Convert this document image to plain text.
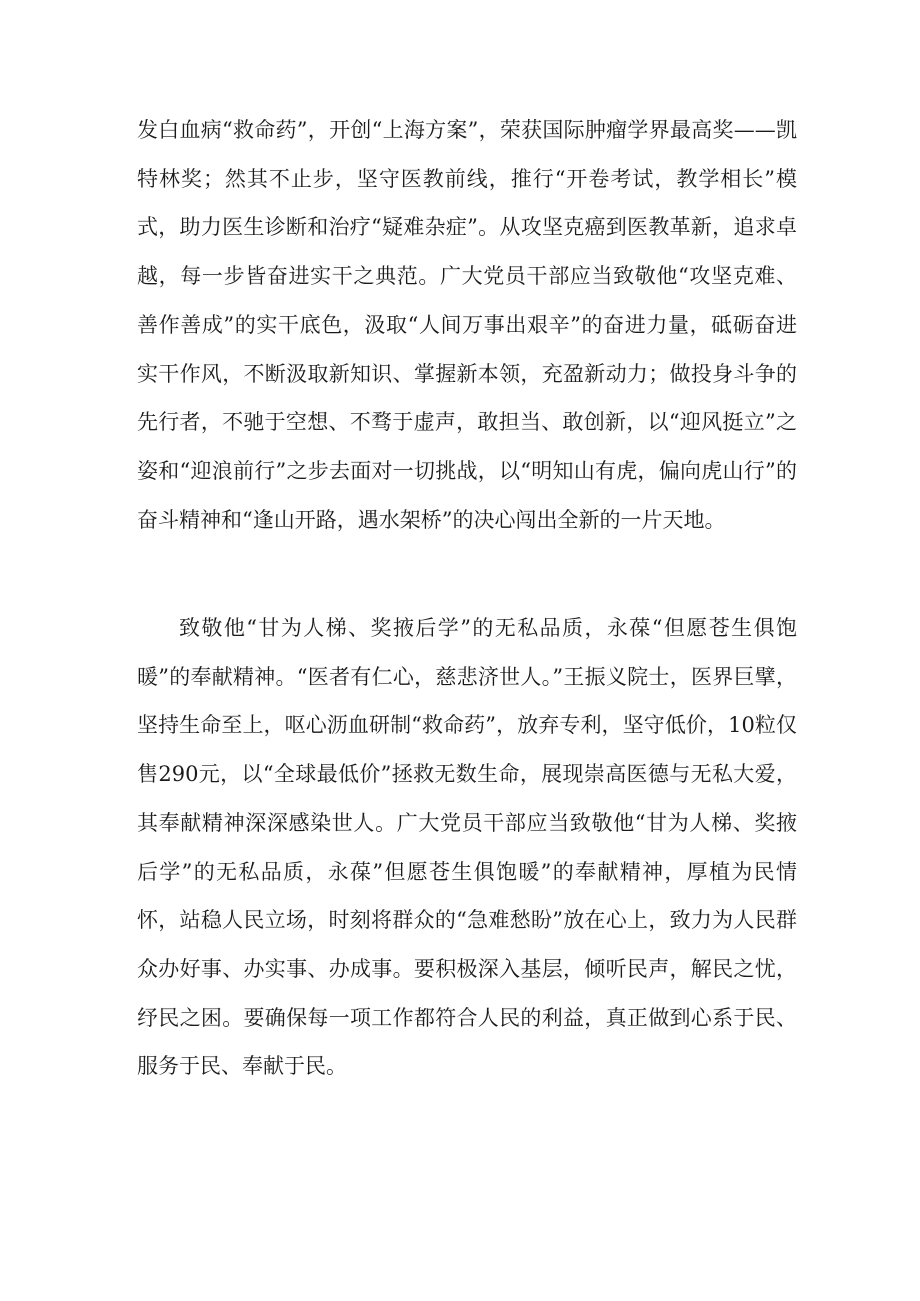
发白血病“救命药”，开创“上海方案”，荣获国际肿瘤学界最高奖——凯特林奖；然其不止步，坚守医教前线，推行“开卷考试，教学相长”模式，助力医生诊断和治疗“疑难杂症”。从攻坚克癌到医教革新，追求卓越，每一步皆奋进实干之典范。广大党员干部应当致敬他“攻坚克难、善作善成”的实干底色，汲取“人间万事出艰辛”的奋进力量，砥砺奋进实干作风，不断汲取新知识、掌握新本领，充盈新动力；做投身斗争的先行者，不驰于空想、不骛于虚声，敢担当、敢创新，以“迎风挺立”之姿和“迎浪前行”之步去面对一切挑战，以“明知山有虎，偏向虎山行”的奋斗精神和“逢山开路，遇水架桥”的决心闯出全新的一片天地。

致敬他“甘为人梯、奖掖后学”的无私品质，永葆“但愿苍生俱饱暖”的奉献精神。“医者有仁心，慈悲济世人。”王振义院士，医界巨擘，坚持生命至上，呕心沥血研制“救命药”，放弃专利，坚守低价，10粒仅售290元，以“全球最低价”拯救无数生命，展现崇高医德与无私大爱，其奉献精神深深感染世人。广大党员干部应当致敬他“甘为人梯、奖掖后学”的无私品质，永葆”但愿苍生俱饱暖”的奉献精神，厚植为民情怀，站稳人民立场，时刻将群众的“急难愁盼”放在心上，致力为人民群众办好事、办实事、办成事。要积极深入基层，倾听民声，解民之忧，纾民之困。要确保每一项工作都符合人民的利益，真正做到心系于民、服务于民、奉献于民。
